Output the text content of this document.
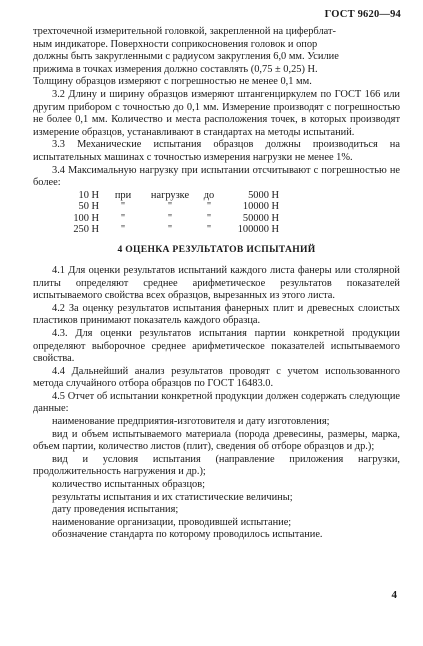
ГОСТ 9620—94

трехточечной измерительной головкой, закрепленной на циферблат-

ным индикаторе. Поверхности соприкосновения головок и опор

должны быть закругленными с радиусом закругления 6,0 мм. Усилие

прижима в точках измерения должно составлять (0,75 ± 0,25) Н.

Толщину образцов измеряют с погрешностью не менее 0,1 мм.

3.2 Длину и ширину образцов измеряют штангенциркулем по ГОСТ 166 или другим прибором с точностью до 0,1 мм. Измерение производят с погрешностью не более 0,1 мм. Количество и места расположения точек, в которых производят измерение образцов, устанавливают в стандартах на методы испытаний.

3.3 Механические испытания образцов должны производиться на испытательных машинах с точностью измерения нагрузки не менее 1%.

3.4 Максимальную нагрузку при испытании отсчитывают с погрешностью не более:

10 Н	при	нагрузке	до	5000 Н
50 Н	"	"	"	10000 Н
100 Н	"	"	"	50000 Н
250 Н	"	"	"	100000 Н
4 ОЦЕНКА РЕЗУЛЬТАТОВ ИСПЫТАНИЙ

4.1 Для оценки результатов испытаний каждого листа фанеры или столярной плиты определяют среднее арифметическое результатов показателей испытываемого свойства всех образцов, вырезанных из этого листа.

4.2 За оценку результатов испытания фанерных плит и древесных слоистых пластиков принимают показатель каждого образца.

4.3. Для оценки результатов испытания партии конкретной продукции определяют выборочное среднее арифметическое показателей испытываемого свойства.

4.4 Дальнейший анализ результатов проводят с учетом использованного метода случайного отбора образцов по ГОСТ 16483.0.

4.5 Отчет об испытании конкретной продукции должен содержать следующие данные:

наименование предприятия-изготовителя и дату изготовления;

вид и объем испытываемого материала (порода древесины, размеры, марка, объем партии, количество листов (плит), сведения об отборе образцов и др.);

вид и условия испытания (направление приложения нагрузки, продолжительность нагружения и др.);

количество испытанных образцов;

результаты испытания и их статистические величины;

дату проведения испытания;

наименование организации, проводившей испытание;

обозначение стандарта по которому проводилось испытание.

4
